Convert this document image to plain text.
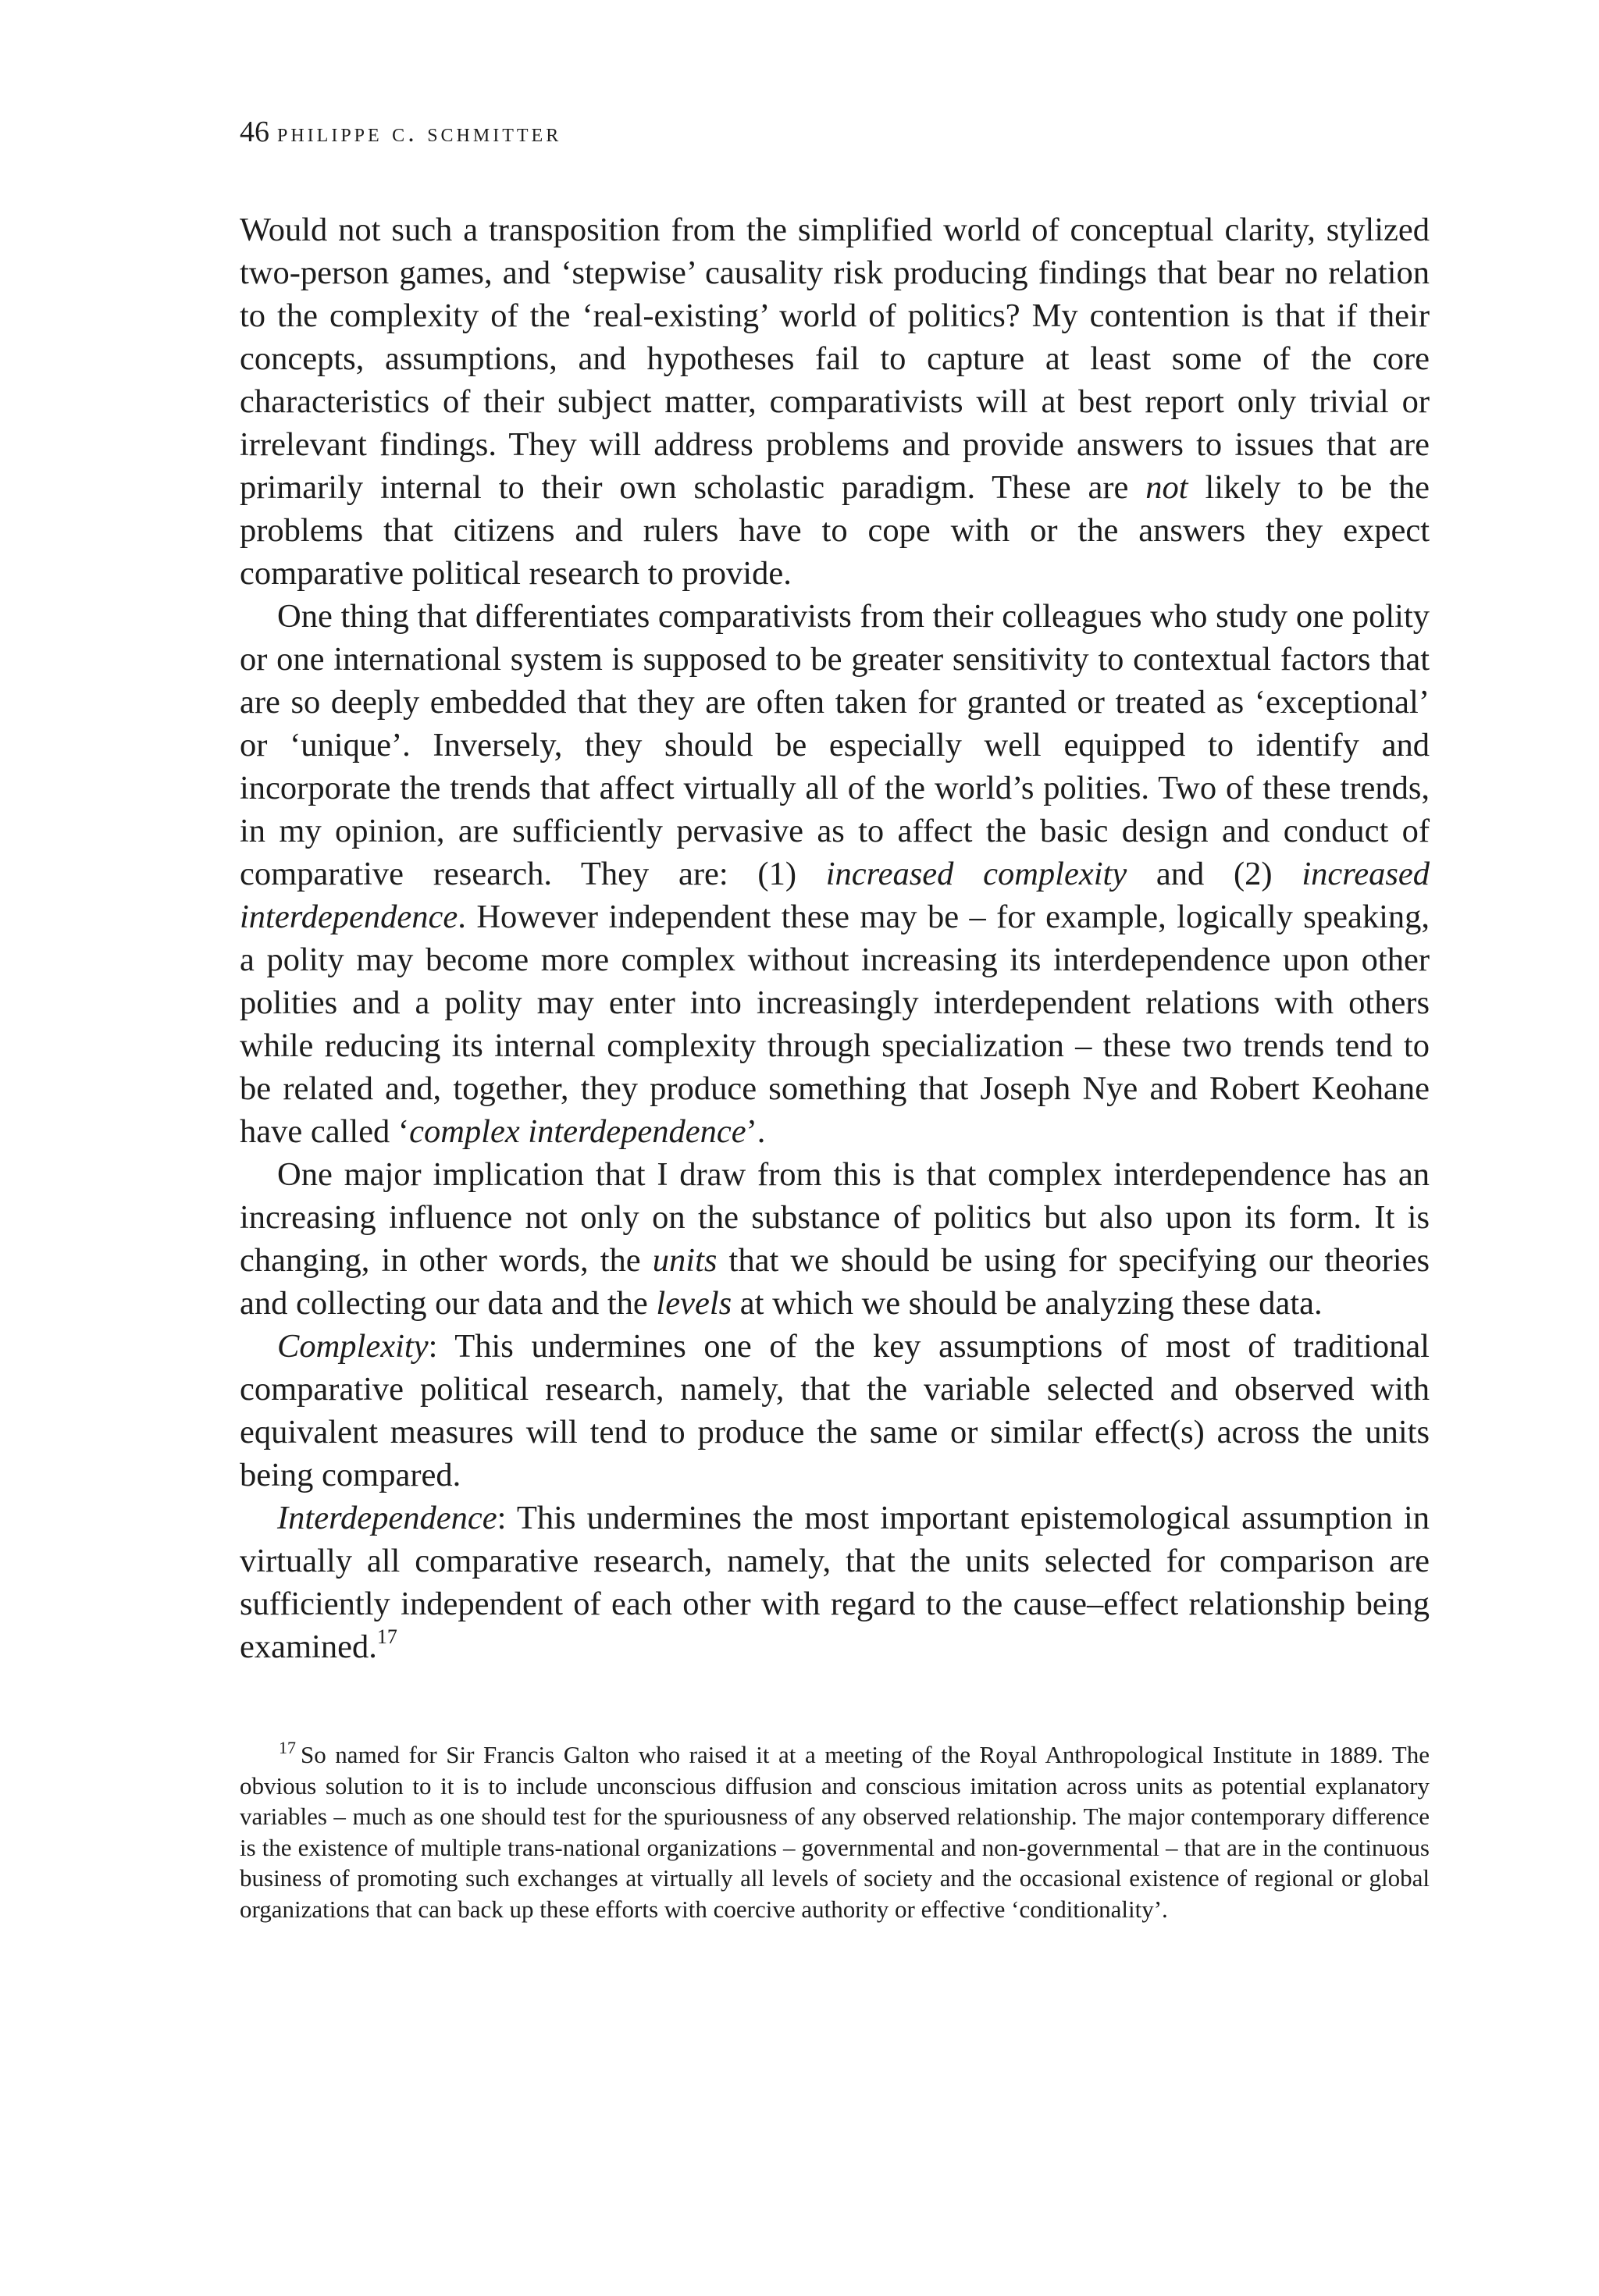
46 philippe c. schmitter

Would not such a transposition from the simplified world of conceptual clarity, stylized two-person games, and ‘stepwise’ causality risk producing findings that bear no relation to the complexity of the ‘real-existing’ world of politics? My contention is that if their concepts, assumptions, and hypotheses fail to capture at least some of the core characteristics of their subject matter, comparativists will at best report only trivial or irrelevant findings. They will address problems and provide answers to issues that are primarily internal to their own scholastic paradigm. These are not likely to be the problems that citizens and rulers have to cope with or the answers they expect comparative political research to provide.

One thing that differentiates comparativists from their colleagues who study one polity or one international system is supposed to be greater sensitivity to contextual factors that are so deeply embedded that they are often taken for granted or treated as ‘exceptional’ or ‘unique’. Inversely, they should be especially well equipped to identify and incorporate the trends that affect virtually all of the world’s polities. Two of these trends, in my opinion, are sufficiently pervasive as to affect the basic design and conduct of comparative research. They are: (1) increased complexity and (2) increased interdependence. However independent these may be – for example, logically speaking, a polity may become more complex without increasing its interdependence upon other polities and a polity may enter into increasingly interdependent relations with others while reducing its internal complexity through specialization – these two trends tend to be related and, together, they produce something that Joseph Nye and Robert Keohane have called ‘complex interdependence’.

One major implication that I draw from this is that complex interdependence has an increasing influence not only on the substance of politics but also upon its form. It is changing, in other words, the units that we should be using for specifying our theories and collecting our data and the levels at which we should be analyzing these data.

Complexity: This undermines one of the key assumptions of most of traditional comparative political research, namely, that the variable selected and observed with equivalent measures will tend to produce the same or similar effect(s) across the units being compared.

Interdependence: This undermines the most important epistemological assumption in virtually all comparative research, namely, that the units selected for comparison are sufficiently independent of each other with regard to the cause–effect relationship being examined.$^{17}$

$^{17}$ So named for Sir Francis Galton who raised it at a meeting of the Royal Anthropological Institute in 1889. The obvious solution to it is to include unconscious diffusion and conscious imitation across units as potential explanatory variables – much as one should test for the spuriousness of any observed relationship. The major contemporary difference is the existence of multiple trans-national organizations – governmental and non-governmental – that are in the continuous business of promoting such exchanges at virtually all levels of society and the occasional existence of regional or global organizations that can back up these efforts with coercive authority or effective ‘conditionality’.
